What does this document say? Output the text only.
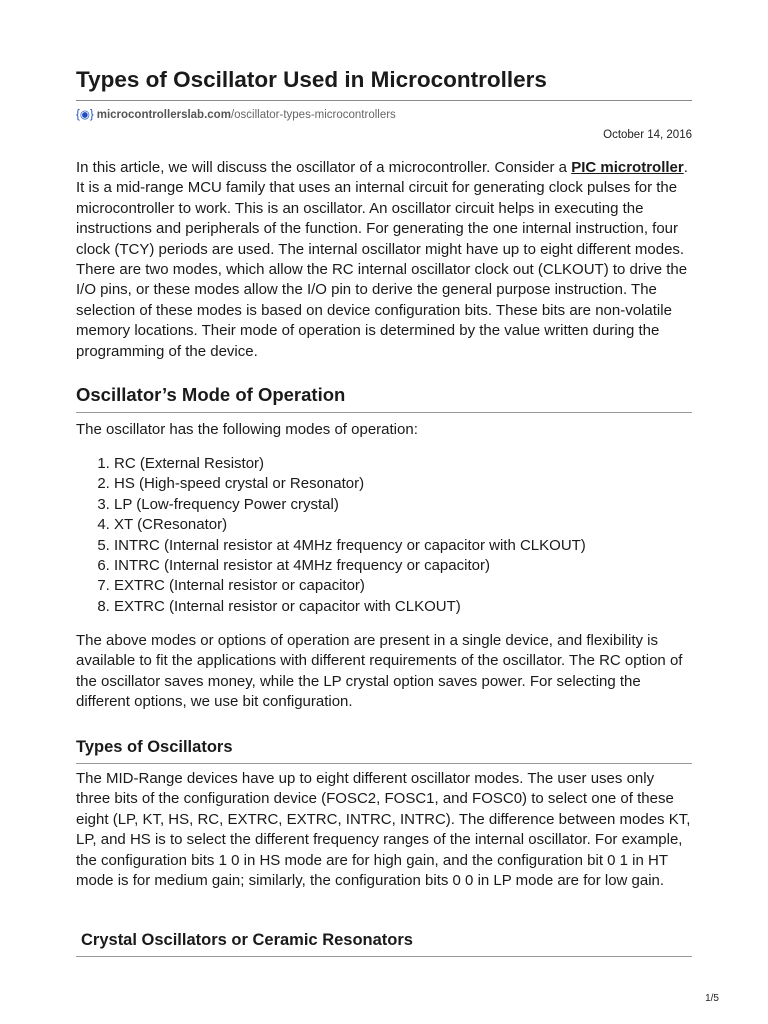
Types of Oscillator Used in Microcontrollers
{◉} microcontrollerslab.com/oscillator-types-microcontrollers
October 14, 2016

In this article, we will discuss the oscillator of a microcontroller. Consider a PIC microtroller. It is a mid-range MCU family that uses an internal circuit for generating clock pulses for the microcontroller to work. This is an oscillator. An oscillator circuit helps in executing the instructions and peripherals of the function. For generating the one internal instruction, four clock (TCY) periods are used. The internal oscillator might have up to eight different modes. There are two modes, which allow the RC internal oscillator clock out (CLKOUT) to drive the I/O pins, or these modes allow the I/O pin to derive the general purpose instruction. The selection of these modes is based on device configuration bits. These bits are non-volatile memory locations. Their mode of operation is determined by the value written during the programming of the device.

Oscillator’s Mode of Operation

The oscillator has the following modes of operation:

1. RC (External Resistor)
2. HS (High-speed crystal or Resonator)
3. LP (Low-frequency Power crystal)
4. XT (CResonator)
5. INTRC (Internal resistor at 4MHz frequency or capacitor with CLKOUT)
6. INTRC (Internal resistor at 4MHz frequency or capacitor)
7. EXTRC (Internal resistor or capacitor)
8. EXTRC (Internal resistor or capacitor with CLKOUT)

The above modes or options of operation are present in a single device, and flexibility is available to fit the applications with different requirements of the oscillator. The RC option of the oscillator saves money, while the LP crystal option saves power. For selecting the different options, we use bit configuration.

Types of Oscillators

The MID-Range devices have up to eight different oscillator modes. The user uses only three bits of the configuration device (FOSC2, FOSC1, and FOSC0) to select one of these eight (LP, KT, HS, RC, EXTRC, EXTRC, INTRC, INTRC). The difference between modes KT, LP, and HS is to select the different frequency ranges of the internal oscillator. For example, the configuration bits 1 0 in HS mode are for high gain, and the configuration bit 0 1 in HT mode is for medium gain; similarly, the configuration bits 0 0 in LP mode are for low gain.

Crystal Oscillators or Ceramic Resonators
1/5
